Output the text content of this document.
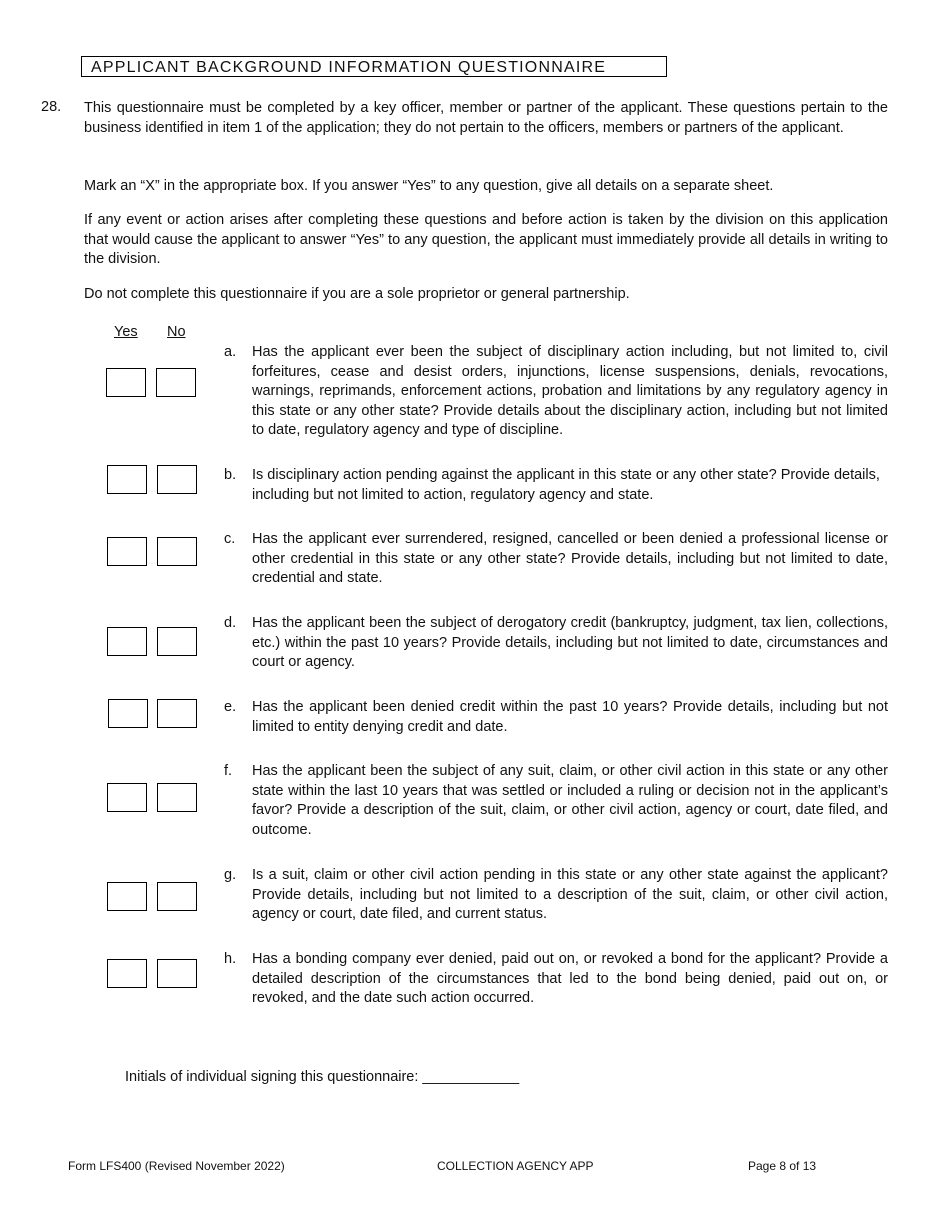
APPLICANT BACKGROUND INFORMATION QUESTIONNAIRE
28. This questionnaire must be completed by a key officer, member or partner of the applicant. These questions pertain to the business identified in item 1 of the application; they do not pertain to the officers, members or partners of the applicant.
Mark an “X” in the appropriate box. If you answer “Yes” to any question, give all details on a separate sheet.
If any event or action arises after completing these questions and before action is taken by the division on this application that would cause the applicant to answer “Yes” to any question, the applicant must immediately provide all details in writing to the division.
Do not complete this questionnaire if you are a sole proprietor or general partnership.
Yes No
a. Has the applicant ever been the subject of disciplinary action including, but not limited to, civil forfeitures, cease and desist orders, injunctions, license suspensions, denials, revocations, warnings, reprimands, enforcement actions, probation and limitations by any regulatory agency in this state or any other state? Provide details about the disciplinary action, including but not limited to date, regulatory agency and type of discipline.
b. Is disciplinary action pending against the applicant in this state or any other state? Provide details, including but not limited to action, regulatory agency and state.
c. Has the applicant ever surrendered, resigned, cancelled or been denied a professional license or other credential in this state or any other state? Provide details, including but not limited to date, credential and state.
d. Has the applicant been the subject of derogatory credit (bankruptcy, judgment, tax lien, collections, etc.) within the past 10 years? Provide details, including but not limited to date, circumstances and court or agency.
e. Has the applicant been denied credit within the past 10 years? Provide details, including but not limited to entity denying credit and date.
f. Has the applicant been the subject of any suit, claim, or other civil action in this state or any other state within the last 10 years that was settled or included a ruling or decision not in the applicant’s favor? Provide a description of the suit, claim, or other civil action, agency or court, date filed, and outcome.
g. Is a suit, claim or other civil action pending in this state or any other state against the applicant? Provide details, including but not limited to a description of the suit, claim, or other civil action, agency or court, date filed, and current status.
h. Has a bonding company ever denied, paid out on, or revoked a bond for the applicant? Provide a detailed description of the circumstances that led to the bond being denied, paid out on, or revoked, and the date such action occurred.
Initials of individual signing this questionnaire: ____________
Form LFS400 (Revised November 2022)	COLLECTION AGENCY APP	Page 8 of 13
